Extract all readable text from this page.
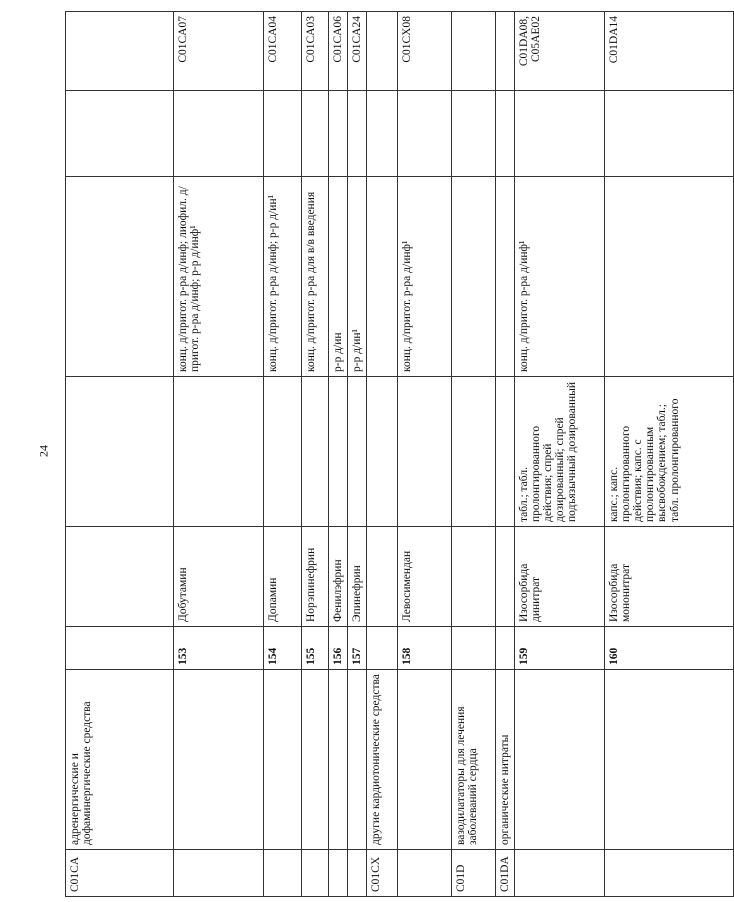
24
C01CA	адренергические и дофаминергические средства						
		153	Добутамин		конц. д/пригот. р-ра д/инф; лиофил. д/пригот. р-ра д/инф; р-р д/инф¹		C01CA07
		154	Допамин		конц. д/пригот. р-ра д/инф; р-р д/ин¹		C01CA04
		155	Норэпинефрин		конц. д/пригот. р-ра для в/в введения		C01CA03
		156	Фенилэфрин		р-р д/ин		C01CA06
		157	Эпинефрин		р-р д/ин¹		C01CA24
C01CX	другие кардиотонические средства						
		158	Левосимендан		конц. д/пригот. р-ра д/инф¹		C01CX08
C01D	вазодилататоры для лечения заболеваний сердца						
C01DA	органические нитраты						
		159	Изосорбида динитрат	табл.; табл. пролонгированного действия; спрей дозированный; спрей подъязычный дозированный	конц. д/пригот. р-ра д/инф¹		C01DA08, C05AE02
		160	Изосорбида мононитрат	капс.; капс. пролонгированного действия; капс. с пролонгированным высвобождением; табл.; табл. пролонгированного			C01DA14
